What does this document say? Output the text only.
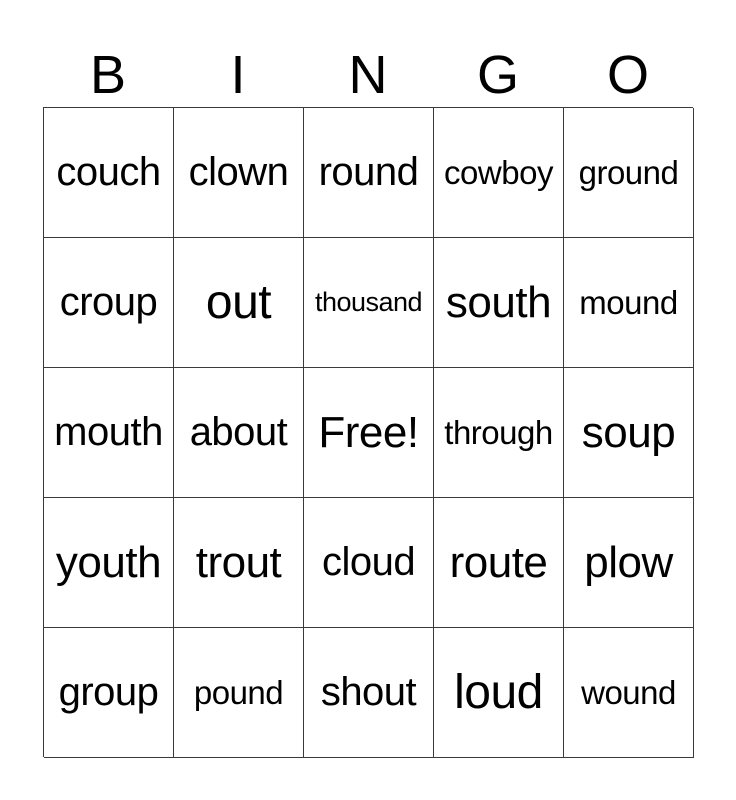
B	I	N	G	O
couch clown round cowboy ground
croup	out	thousand south mound
mouth about Free! through soup
youth trout	cloud route plow
group	pound shout loud	wound
